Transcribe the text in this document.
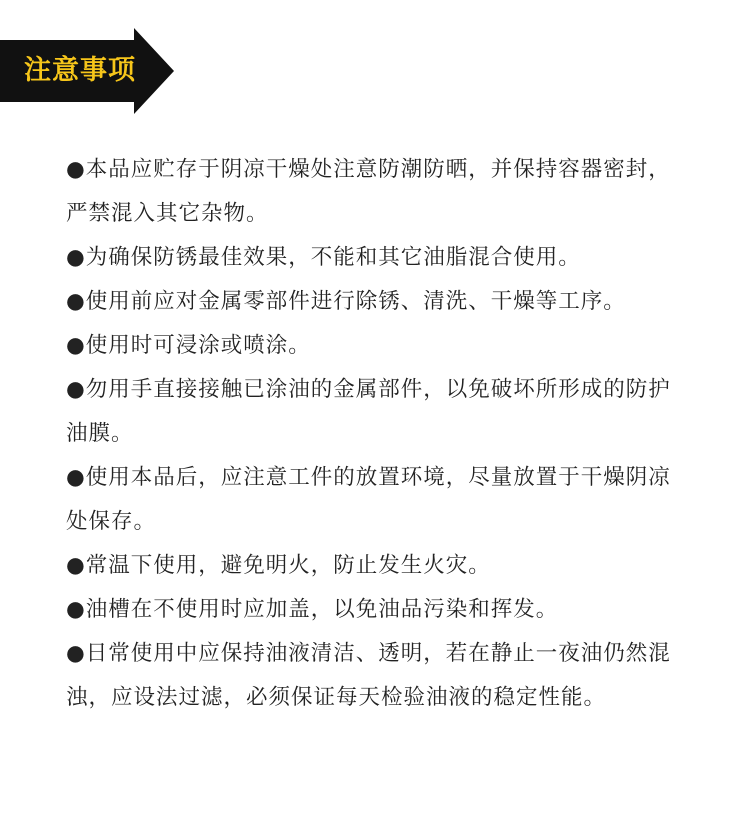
注意事项
●本品应贮存于阴凉干燥处注意防潮防晒，并保持容器密封，严禁混入其它杂物。
●为确保防锈最佳效果，不能和其它油脂混合使用。
●使用前应对金属零部件进行除锈、清洗、干燥等工序。
●使用时可浸涂或喷涂。
●勿用手直接接触已涂油的金属部件，以免破坏所形成的防护油膜。
●使用本品后，应注意工件的放置环境，尽量放置于干燥阴凉处保存。
●常温下使用，避免明火，防止发生火灾。
●油槽在不使用时应加盖，以免油品污染和挥发。
●日常使用中应保持油液清洁、透明，若在静止一夜油仍然混浊，应设法过滤，必须保证每天检验油液的稳定性能。
